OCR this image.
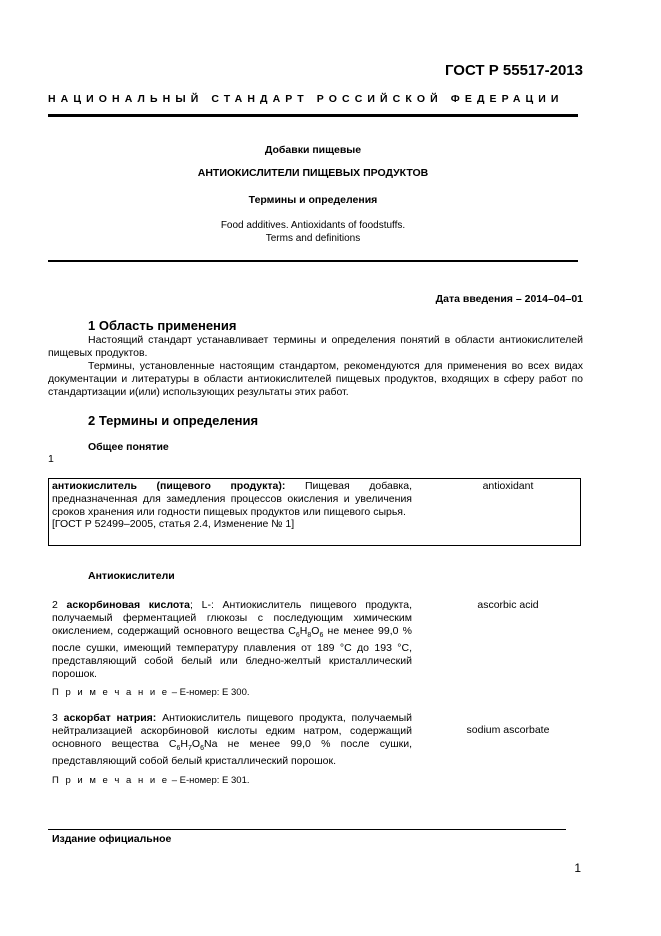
ГОСТ Р 55517-2013
НАЦИОНАЛЬНЫЙ СТАНДАРТ РОССИЙСКОЙ ФЕДЕРАЦИИ
Добавки пищевые
АНТИОКИСЛИТЕЛИ ПИЩЕВЫХ ПРОДУКТОВ
Термины и определения
Food additives. Antioxidants of foodstuffs.
Terms and definitions
Дата введения – 2014–04–01
1 Область применения

Настоящий стандарт устанавливает термины и определения понятий в области антиокислителей пищевых продуктов.

Термины, установленные настоящим стандартом, рекомендуются для применения во всех видах документации и литературы в области антиокислителей пищевых продуктов, входящих в сферу работ по стандартизации и(или) использующих результаты этих работ.

2 Термины и определения
Общее понятие
1

антиокислитель (пищевого продукта): Пищевая добавка, предназначенная для замедления процессов окисления и увеличения сроков хранения или годности пищевых продуктов или пищевого сырья.

[ГОСТ Р 52499–2005, статья 2.4, Изменение № 1]

antioxidant
Антиокислители

2 аскорбиновая кислота; L-: Антиокислитель пищевого продукта, получаемый ферментацией глюкозы с последующим химическим окислением, содержащий основного вещества $C_6H_8O_6$ не менее 99,0 % после сушки, имеющий температуру плавления от 189 °C до 193 °C, представляющий собой белый или бледно-желтый кристаллический порошок.

ascorbic acid
П р и м е ч а н и е – Е-номер: Е 300.

3 аскорбат натрия: Антиокислитель пищевого продукта, получаемый нейтрализацией аскорбиновой кислоты едким натром, содержащий основного вещества $C_6H_7O_6Na$ не менее 99,0 % после сушки, представляющий собой белый кристаллический порошок.

sodium ascorbate
П р и м е ч а н и е – Е-номер: Е 301.
Издание официальное
1
